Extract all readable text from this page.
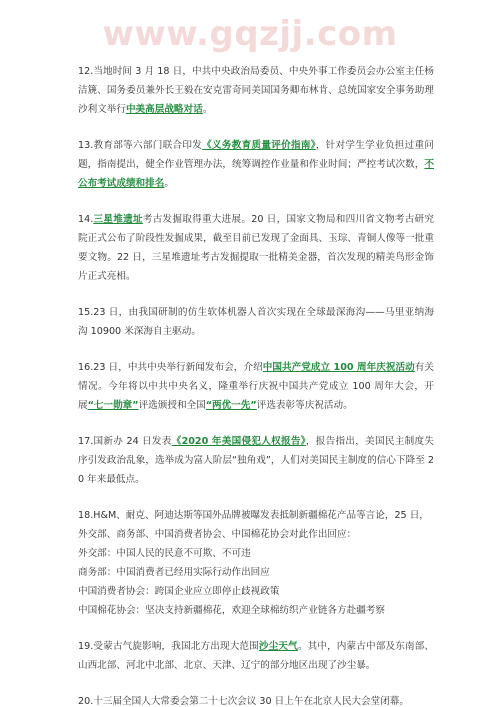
www.gqzjj.com

12.当地时间 3 月 18 日，中共中央政治局委员、中央外事工作委员会办公室主任杨洁篪、国务委员兼外长王毅在安克雷奇同美国国务卿布林肯、总统国家安全事务助理沙利文举行中美高层战略对话。

13.教育部等六部门联合印发《义务教育质量评价指南》，针对学生学业负担过重问题，指南提出，健全作业管理办法，统筹调控作业量和作业时间；严控考试次数，不公布考试成绩和排名。

14.三星堆遗址考古发掘取得重大进展。20 日，国家文物局和四川省文物考古研究院正式公布了阶段性发掘成果，截至目前已发现了金面具、玉琮、青铜人像等一批重要文物。22 日，三星堆遗址考古发掘提取一批精美金器，首次发现的精美鸟形金饰片正式亮相。

15.23 日，由我国研制的仿生软体机器人首次实现在全球最深海沟——马里亚纳海沟 10900 米深海自主驱动。

16.23 日，中共中央举行新闻发布会，介绍中国共产党成立 100 周年庆祝活动有关情况。今年将以中共中央名义，隆重举行庆祝中国共产党成立 100 周年大会，开展“七一勋章”评选颁授和全国“两优一先”评选表彰等庆祝活动。

17.国新办 24 日发表《2020 年美国侵犯人权报告》，报告指出，美国民主制度失序引发政治乱象，选举成为富人阶层“独角戏”，人们对美国民主制度的信心下降至 20 年来最低点。

18.H&M、耐克、阿迪达斯等国外品牌被曝发表抵制新疆棉花产品等言论，25 日，外交部、商务部、中国消费者协会、中国棉花协会对此作出回应：
外交部：中国人民的民意不可欺、不可违
商务部：中国消费者已经用实际行动作出回应
中国消费者协会：跨国企业应立即停止歧视政策
中国棉花协会：坚决支持新疆棉花，欢迎全球棉纺织产业链各方赴疆考察

19.受蒙古气旋影响，我国北方出现大范围沙尘天气。其中，内蒙古中部及东南部、山西北部、河北中北部、北京、天津、辽宁的部分地区出现了沙尘暴。

20.十三届全国人大常委会第二十七次会议 30 日上午在北京人民大会堂闭幕。
